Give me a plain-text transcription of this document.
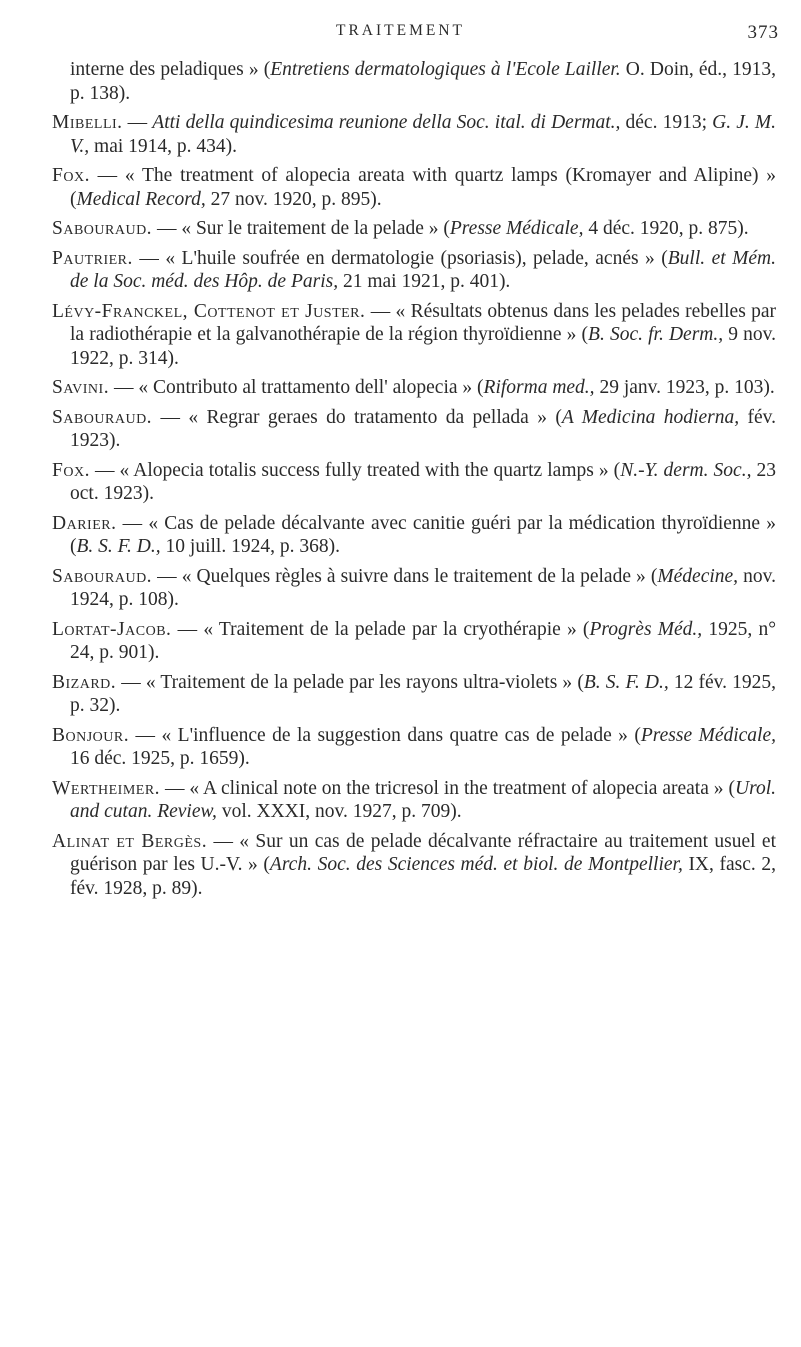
TRAITEMENT	373

interne des peladiques » (Entretiens dermatologiques à l'Ecole Lailler. O. Doin, éd., 1913, p. 138).

Mibelli. — Atti della quindicesima reunione della Soc. ital. di Dermat., déc. 1913; G. J. M. V., mai 1914, p. 434).

Fox. — « The treatment of alopecia areata with quartz lamps (Kromayer and Alipine) » (Medical Record, 27 nov. 1920, p. 895).

Sabouraud. — « Sur le traitement de la pelade » (Presse Médicale, 4 déc. 1920, p. 875).

Pautrier. — « L'huile soufrée en dermatologie (psoriasis), pelade, acnés » (Bull. et Mém. de la Soc. méd. des Hôp. de Paris, 21 mai 1921, p. 401).

Lévy-Franckel, Cottenot et Juster. — « Résultats obtenus dans les pelades rebelles par la radiothérapie et la galvanothérapie de la région thyroïdienne » (B. Soc. fr. Derm., 9 nov. 1922, p. 314).

Savini. — « Contributo al trattamento dell' alopecia » (Riforma med., 29 janv. 1923, p. 103).

Sabouraud. — « Regrar geraes do tratamento da pellada » (A Medicina hodierna, fév. 1923).

Fox. — « Alopecia totalis success fully treated with the quartz lamps » (N.-Y. derm. Soc., 23 oct. 1923).

Darier. — « Cas de pelade décalvante avec canitie guéri par la médication thyroïdienne » (B. S. F. D., 10 juill. 1924, p. 368).

Sabouraud. — « Quelques règles à suivre dans le traitement de la pelade » (Médecine, nov. 1924, p. 108).

Lortat-Jacob. — « Traitement de la pelade par la cryothérapie » (Progrès Méd., 1925, n° 24, p. 901).

Bizard. — « Traitement de la pelade par les rayons ultra-violets » (B. S. F. D., 12 fév. 1925, p. 32).

Bonjour. — « L'influence de la suggestion dans quatre cas de pelade » (Presse Médicale, 16 déc. 1925, p. 1659).

Wertheimer. — « A clinical note on the tricresol in the treatment of alopecia areata » (Urol. and cutan. Review, vol. XXXI, nov. 1927, p. 709).

Alinat et Bergès. — « Sur un cas de pelade décalvante réfractaire au traitement usuel et guérison par les U.-V. » (Arch. Soc. des Sciences méd. et biol. de Montpellier, IX, fasc. 2, fév. 1928, p. 89).
